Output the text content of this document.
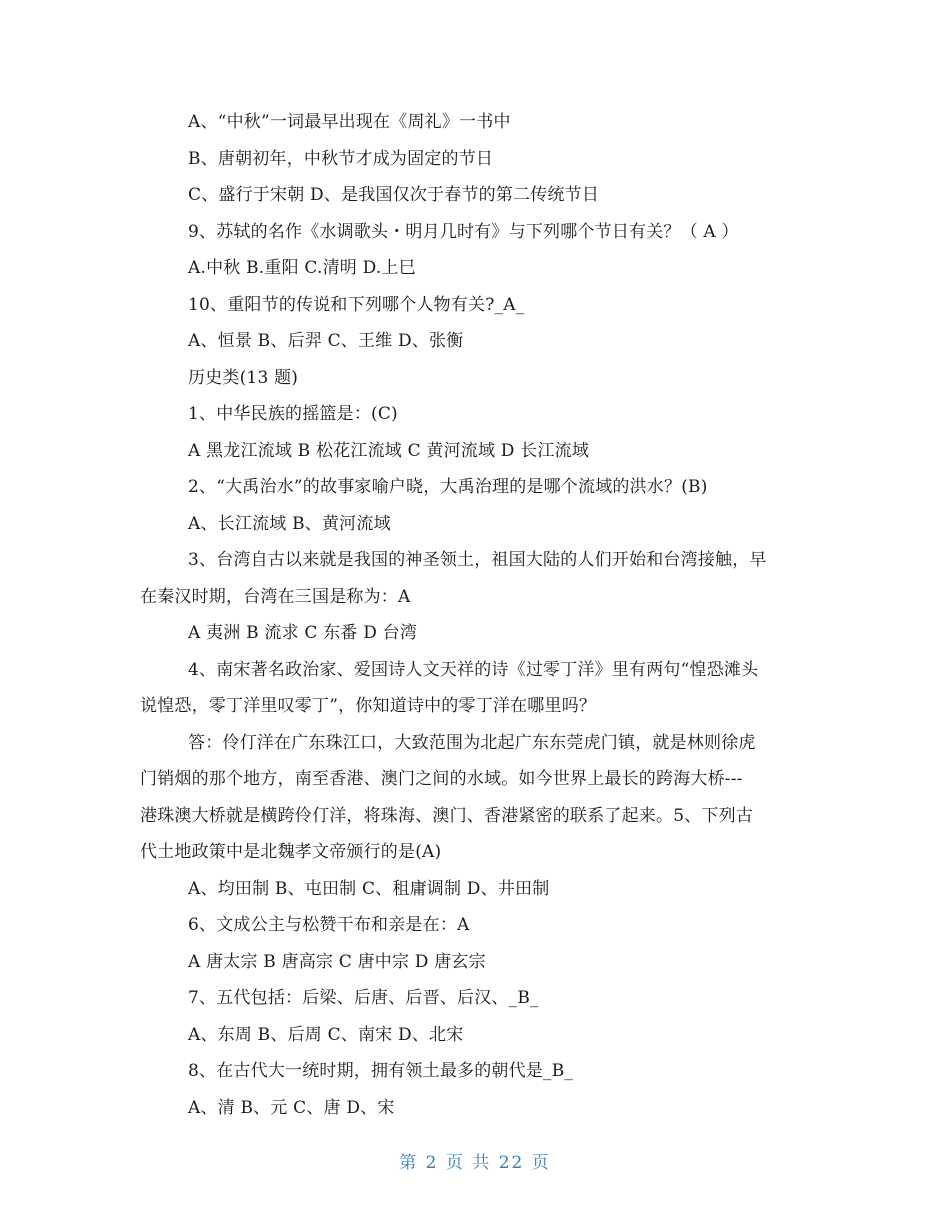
A、“中秋”一词最早出现在《周礼》一书中
B、唐朝初年，中秋节才成为固定的节日
C、盛行于宋朝 D、是我国仅次于春节的第二传统节日
9、苏轼的名作《水调歌头・明月几时有》与下列哪个节日有关？（ A ）
A.中秋 B.重阳 C.清明 D.上巳
10、重阳节的传说和下列哪个人物有关?_A_
A、恒景 B、后羿 C、王维 D、张衡
历史类(13 题)
1、中华民族的摇篮是：(C)
A 黑龙江流域 B 松花江流域 C 黄河流域 D 长江流域
2、“大禹治水”的故事家喻户晓，大禹治理的是哪个流域的洪水？(B)
A、长江流域 B、黄河流域
3、台湾自古以来就是我国的神圣领土，祖国大陆的人们开始和台湾接触，早
在秦汉时期，台湾在三国是称为：A
A 夷洲 B 流求 C 东番 D 台湾
4、南宋著名政治家、爱国诗人文天祥的诗《过零丁洋》里有两句“惶恐滩头
说惶恐，零丁洋里叹零丁”，你知道诗中的零丁洋在哪里吗？
答：伶仃洋在广东珠江口，大致范围为北起广东东莞虎门镇，就是林则徐虎
门销烟的那个地方，南至香港、澳门之间的水域。如今世界上最长的跨海大桥---
港珠澳大桥就是横跨伶仃洋，将珠海、澳门、香港紧密的联系了起来。5、下列古
代土地政策中是北魏孝文帝颁行的是(A)
A、均田制 B、屯田制 C、租庸调制 D、井田制
6、文成公主与松赞干布和亲是在：A
A 唐太宗 B 唐高宗 C 唐中宗 D 唐玄宗
7、五代包括：后梁、后唐、后晋、后汉、_B_
A、东周 B、后周 C、南宋 D、北宋
8、在古代大一统时期，拥有领土最多的朝代是_B_
A、清 B、元 C、唐 D、宋
第 2 页 共 22 页
